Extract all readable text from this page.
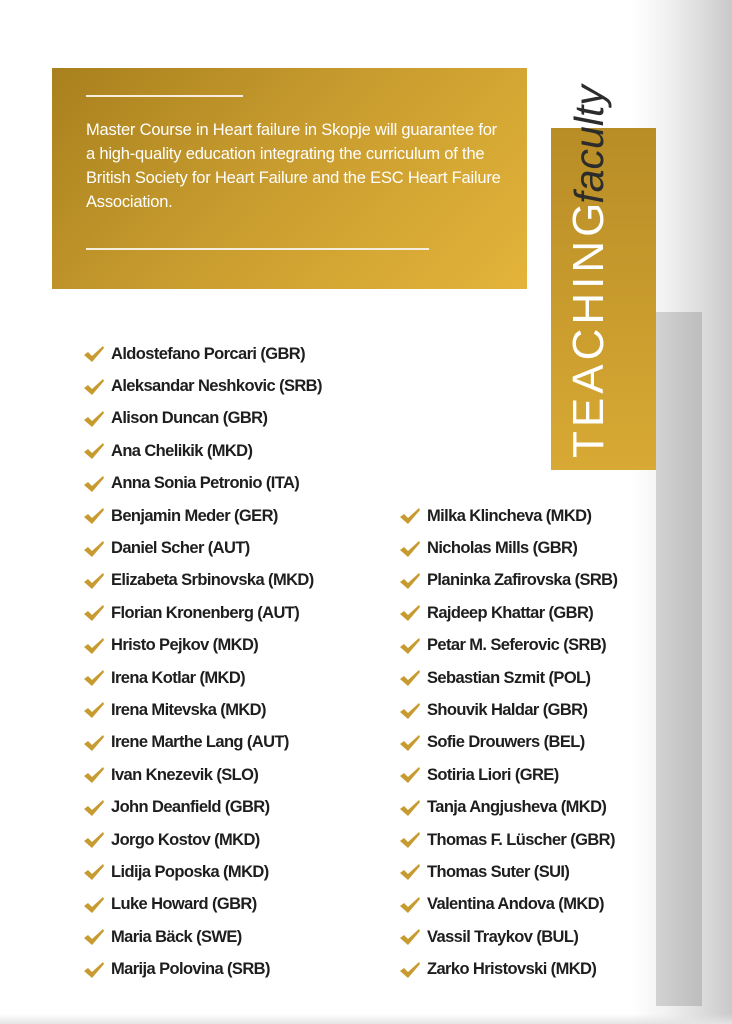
Master Course in Heart failure in Skopje will guarantee for a high-quality education integrating the curriculum of the British Society for Heart Failure and the ESC Heart Failure Association.	TEACHING
faculty
Aldostefano Porcari (GBR)
Aleksandar Neshkovic (SRB)
Alison Duncan (GBR)
Ana Chelikik (MKD)
Anna Sonia Petronio (ITA)
Benjamin Meder (GER)
Daniel Scher (AUT)
Elizabeta Srbinovska (MKD)
Florian Kronenberg (AUT)
Hristo Pejkov (MKD)
Irena Kotlar (MKD)
Irena Mitevska (MKD)
Irene Marthe Lang (AUT)
Ivan Knezevik (SLO)
John Deanfield (GBR)
Jorgo Kostov (MKD)
Lidija Poposka (MKD)
Luke Howard (GBR)
Maria Bäck (SWE)
Marija Polovina (SRB)
Milka Klincheva (MKD)
Nicholas Mills (GBR)
Planinka Zafirovska (SRB)
Rajdeep Khattar (GBR)
Petar M. Seferovic (SRB)
Sebastian Szmit (POL)
Shouvik Haldar (GBR)
Sofie Drouwers (BEL)
Sotiria Liori (GRE)
Tanja Angjusheva (MKD)
Thomas F. Lüscher (GBR)
Thomas Suter (SUI)
Valentina Andova (MKD)
Vassil Traykov (BUL)
Zarko Hristovski (MKD)
